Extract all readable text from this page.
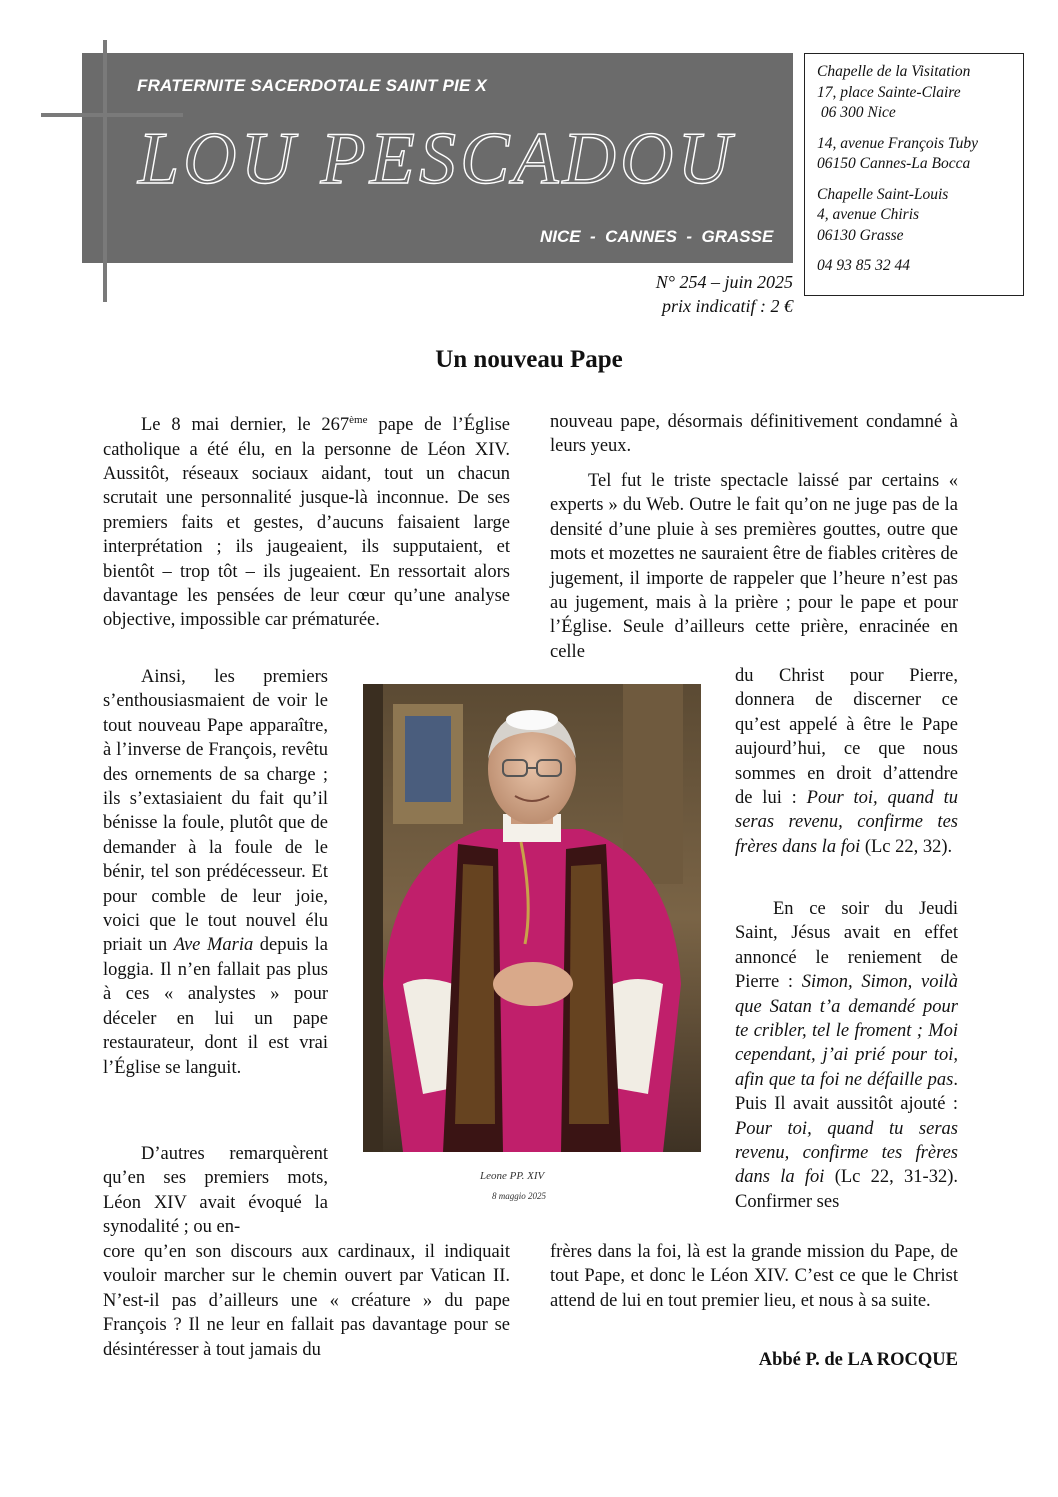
FRATERNITE SACERDOTALE SAINT PIE X
LOU PESCADOU
NICE  -  CANNES  -  GRASSE
N° 254 – juin 2025
prix indicatif : 2 €

Chapelle de la Visitation
17, place Sainte-Claire
06 300 Nice

14, avenue François Tuby
06150 Cannes-La Bocca

Chapelle Saint-Louis
4, avenue Chiris
06130 Grasse

04 93 85 32 44

Un nouveau Pape

Le 8 mai dernier, le 267ème pape de l’Église catholique a été élu, en la personne de Léon XIV. Aussitôt, réseaux sociaux aidant, tout un chacun scrutait une personnalité jusque-là inconnue. De ses premiers faits et gestes, d’aucuns faisaient large interprétation ; ils jaugeaient, ils supputaient, et bientôt – trop tôt – ils jugeaient. En ressortait alors davantage les pensées de leur cœur qu’une analyse objective, impossible car prématurée.

Ainsi, les premiers s’enthousiasmaient de voir le tout nouveau Pape apparaître, à l’inverse de François, revêtu des ornements de sa charge ; ils s’extasiaient du fait qu’il bénisse la foule, plutôt que de demander à la foule de le bénir, tel son prédécesseur. Et pour comble de leur joie, voici que le tout nouvel élu priait un Ave Maria depuis la loggia. Il n’en fallait pas plus à ces « analystes » pour déceler en lui un pape restaurateur, dont il est vrai l’Église se languit.

D’autres remarquèrent qu’en ses premiers mots, Léon XIV avait évoqué la synodalité ; ou en-

core qu’en son discours aux cardinaux, il indiquait vouloir marcher sur le chemin ouvert par Vatican II. N’est-il pas d’ailleurs une « créature » du pape François ? Il ne leur en fallait pas davantage pour se désintéresser à tout jamais du

nouveau pape, désormais définitivement condamné à leurs yeux.

Tel fut le triste spectacle laissé par certains « experts » du Web. Outre le fait qu’on ne juge pas de la densité d’une pluie à ses premières gouttes, outre que mots et mozettes ne sauraient être de fiables critères de jugement, il importe de rappeler que l’heure n’est pas au jugement, mais à la prière ; pour le pape et pour l’Église. Seule d’ailleurs cette prière, enracinée en celle

du Christ pour Pierre, donnera de discerner ce qu’est appelé à être le Pape aujourd’hui, ce que nous sommes en droit d’attendre de lui : Pour toi, quand tu seras revenu, confirme tes frères dans la foi (Lc 22, 32).

En ce soir du Jeudi Saint, Jésus avait en effet annoncé le reniement de Pierre : Simon, Simon, voilà que Satan t’a demandé pour te cribler, tel le froment ; Moi cependant, j’ai prié pour toi, afin que ta foi ne défaille pas. Puis Il avait aussitôt ajouté : Pour toi, quand tu seras revenu, confirme tes frères dans la foi (Lc 22, 31-32). Confirmer ses

frères dans la foi, là est la grande mission du Pape, de tout Pape, et donc le Léon XIV. C’est ce que le Christ attend de lui en tout premier lieu, et nous à sa suite.

Leone PP. XIV
8 maggio 2025
Abbé P. de LA ROCQUE
